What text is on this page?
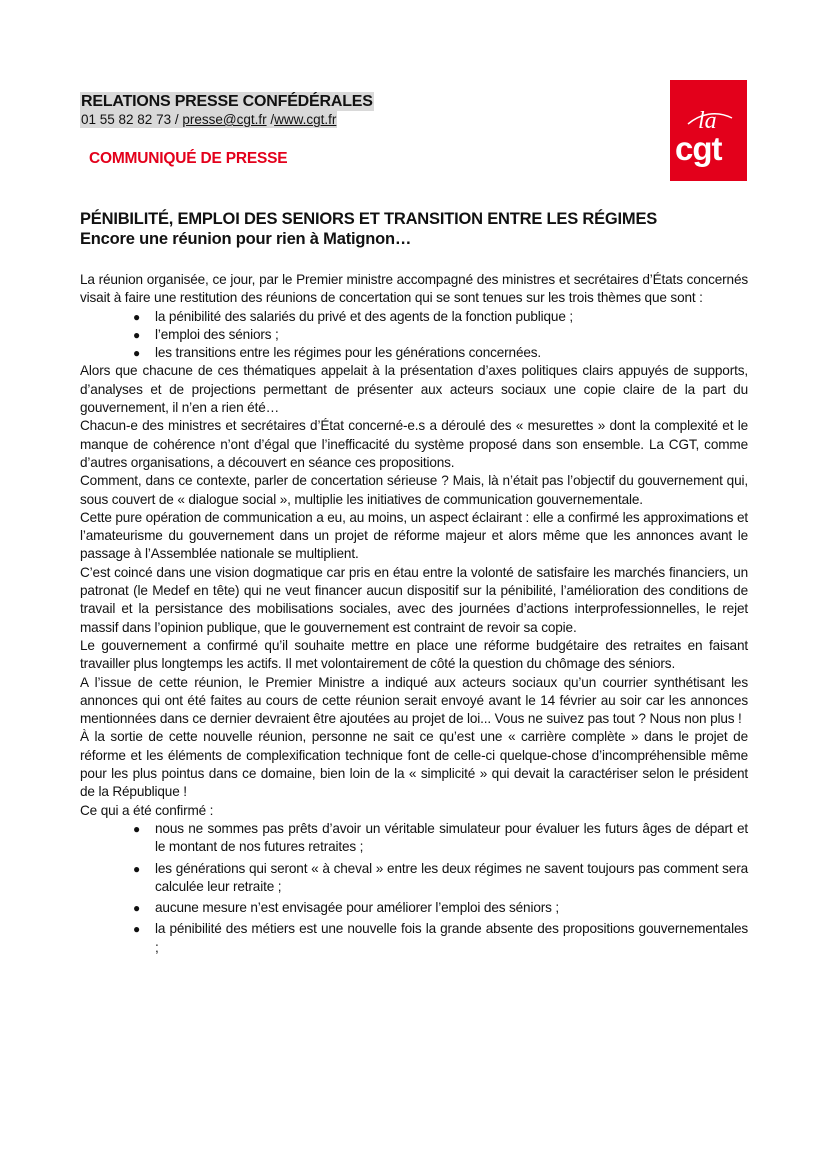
RELATIONS PRESSE CONFÉDÉRALES
01 55 82 82 73 / presse@cgt.fr /www.cgt.fr
COMMUNIQUÉ DE PRESSE
la
cgt
PÉNIBILITÉ, EMPLOI DES SENIORS ET TRANSITION ENTRE LES RÉGIMES
Encore une réunion pour rien à Matignon…

La réunion organisée, ce jour, par le Premier ministre accompagné des ministres et secrétaires d’États concernés visait à faire une restitution des réunions de concertation qui se sont tenues sur les trois thèmes que sont :

● la pénibilité des salariés du privé et des agents de la fonction publique ;
● l’emploi des séniors ;
● les transitions entre les régimes pour les générations concernées.

Alors que chacune de ces thématiques appelait à la présentation d’axes politiques clairs appuyés de supports, d’analyses et de projections permettant de présenter aux acteurs sociaux une copie claire de la part du gouvernement, il n’en a rien été…

Chacun-e des ministres et secrétaires d’État concerné-e.s a déroulé des « mesurettes » dont la complexité et le manque de cohérence n’ont d’égal que l’inefficacité du système proposé dans son ensemble. La CGT, comme d’autres organisations, a découvert en séance ces propositions.

Comment, dans ce contexte, parler de concertation sérieuse ? Mais, là n’était pas l’objectif du gouvernement qui, sous couvert de « dialogue social », multiplie les initiatives de communication gouvernementale.

Cette pure opération de communication a eu, au moins, un aspect éclairant : elle a confirmé les approximations et l’amateurisme du gouvernement dans un projet de réforme majeur et alors même que les annonces avant le passage à l’Assemblée nationale se multiplient.

C’est coincé dans une vision dogmatique car pris en étau entre la volonté de satisfaire les marchés financiers, un patronat (le Medef en tête) qui ne veut financer aucun dispositif sur la pénibilité, l’amélioration des conditions de travail et la persistance des mobilisations sociales, avec des journées d’actions interprofessionnelles, le rejet massif dans l’opinion publique, que le gouvernement est contraint de revoir sa copie.

Le gouvernement a confirmé qu’il souhaite mettre en place une réforme budgétaire des retraites en faisant travailler plus longtemps les actifs. Il met volontairement de côté la question du chômage des séniors.

A l’issue de cette réunion, le Premier Ministre a indiqué aux acteurs sociaux qu’un courrier synthétisant les annonces qui ont été faites au cours de cette réunion serait envoyé avant le 14 février au soir car les annonces mentionnées dans ce dernier devraient être ajoutées au projet de loi... Vous ne suivez pas tout ? Nous non plus !

À la sortie de cette nouvelle réunion, personne ne sait ce qu’est une « carrière complète » dans le projet de réforme et les éléments de complexification technique font de celle-ci quelque-chose d’incompréhensible même pour les plus pointus dans ce domaine, bien loin de la « simplicité » qui devait la caractériser selon le président de la République !

Ce qui a été confirmé :

● nous ne sommes pas prêts d’avoir un véritable simulateur pour évaluer les futurs âges de départ et le montant de nos futures retraites ;
● les générations qui seront « à cheval » entre les deux régimes ne savent toujours pas comment sera calculée leur retraite ;
● aucune mesure n’est envisagée pour améliorer l’emploi des séniors ;
● la pénibilité des métiers est une nouvelle fois la grande absente des propositions gouvernementales ;
